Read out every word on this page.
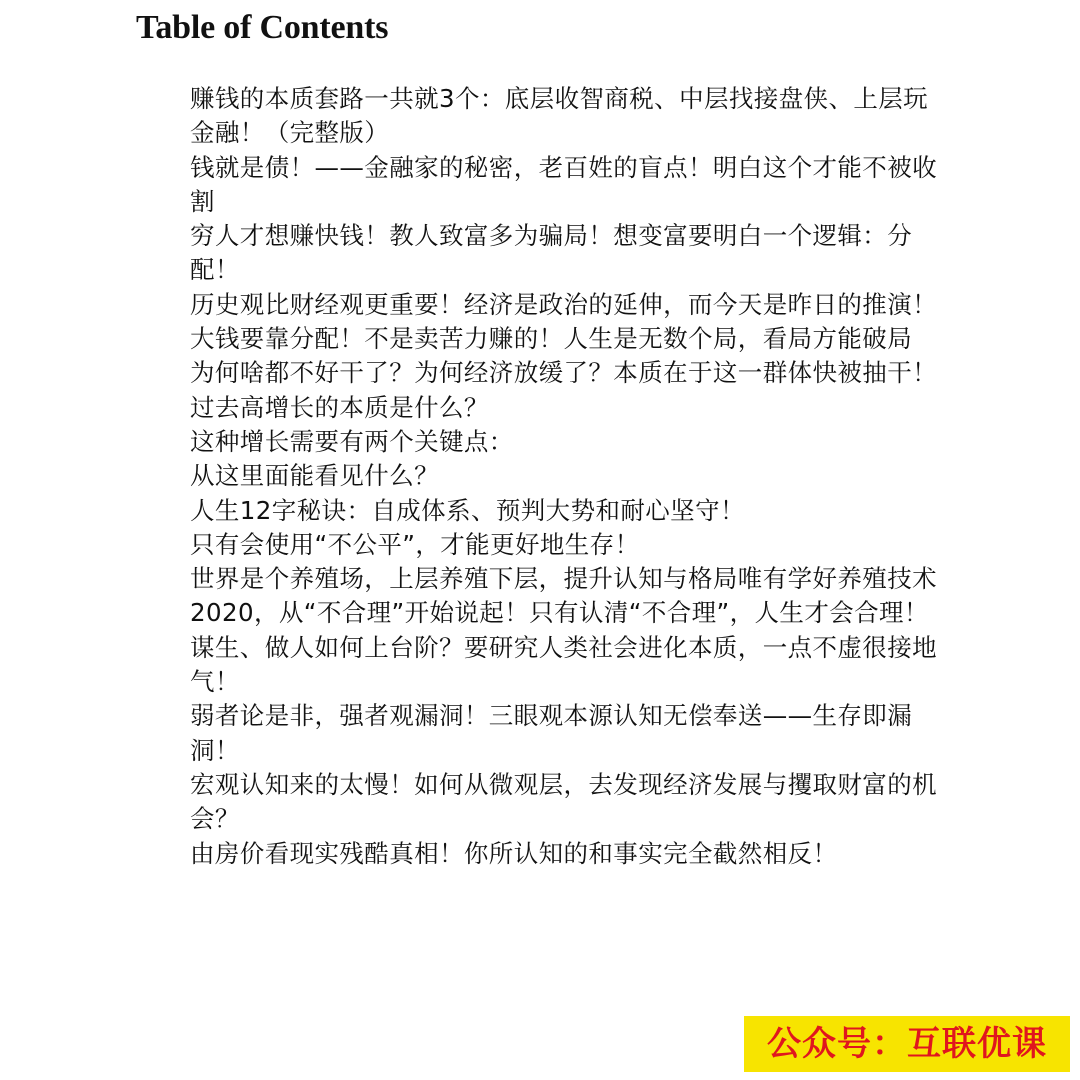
Table of Contents
赚钱的本质套路一共就3个：底层收智商税、中层找接盘侠、上层玩金融！（完整版）
钱就是债！——金融家的秘密，老百姓的盲点！明白这个才能不被收割
穷人才想赚快钱！教人致富多为骗局！想变富要明白一个逻辑：分配！
历史观比财经观更重要！经济是政治的延伸，而今天是昨日的推演！
大钱要靠分配！不是卖苦力赚的！人生是无数个局，看局方能破局
为何啥都不好干了？为何经济放缓了？本质在于这一群体快被抽干！
过去高增长的本质是什么？
这种增长需要有两个关键点：
从这里面能看见什么？
人生12字秘诀：自成体系、预判大势和耐心坚守！
只有会使用“不公平”，才能更好地生存！
世界是个养殖场，上层养殖下层，提升认知与格局唯有学好养殖技术
2020，从“不合理”开始说起！只有认清“不合理”，人生才会合理！
谋生、做人如何上台阶？要研究人类社会进化本质，一点不虚很接地气！
弱者论是非，强者观漏洞！三眼观本源认知无偿奉送——生存即漏洞！
宏观认知来的太慢！如何从微观层，去发现经济发展与攫取财富的机会？
由房价看现实残酷真相！你所认知的和事实完全截然相反！
公众号：互联优课
